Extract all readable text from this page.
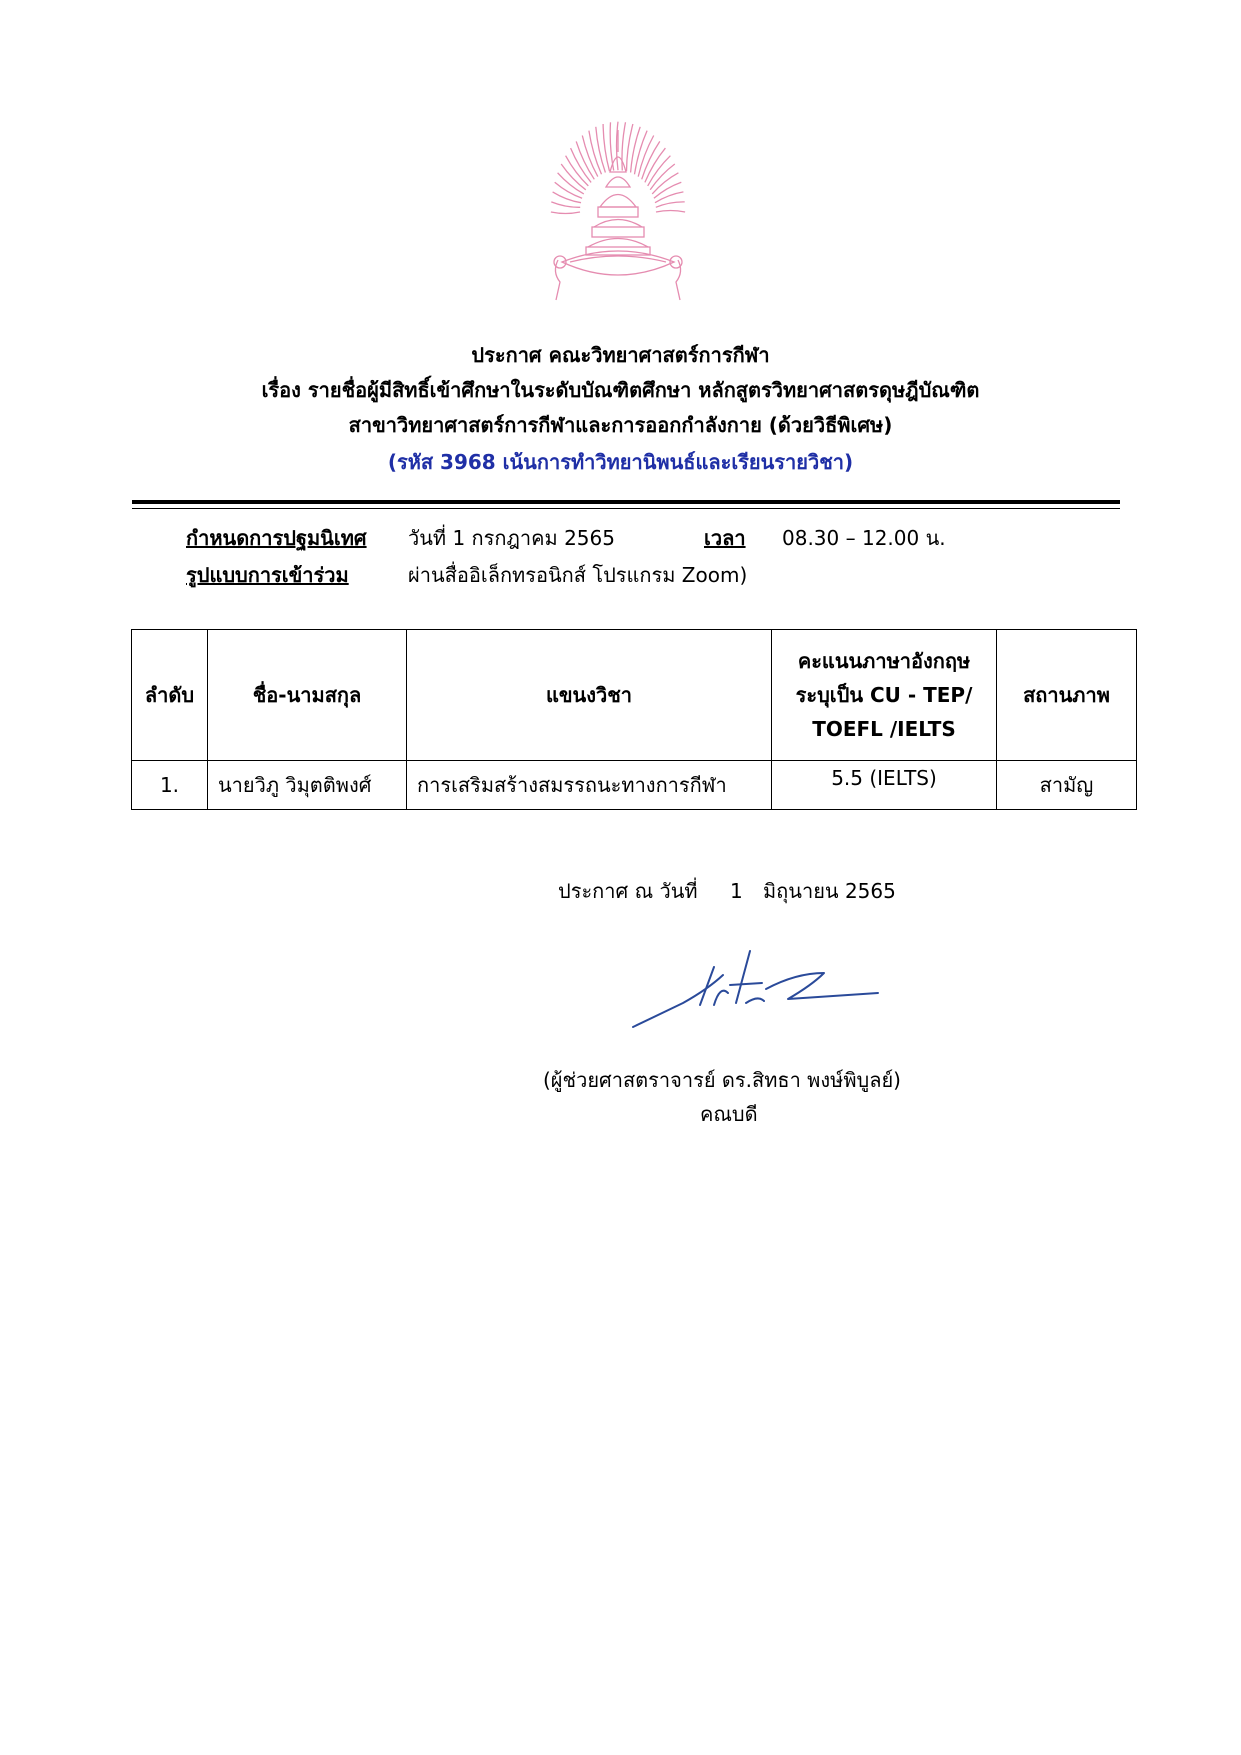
ประกาศ คณะวิทยาศาสตร์การกีฬา
เรื่อง รายชื่อผู้มีสิทธิ์เข้าศึกษาในระดับบัณฑิตศึกษา หลักสูตรวิทยาศาสตรดุษฎีบัณฑิต
สาขาวิทยาศาสตร์การกีฬาและการออกกำลังกาย (ด้วยวิธีพิเศษ)
(รหัส 3968 เน้นการทำวิทยานิพนธ์และเรียนรายวิชา)
กำหนดการปฐมนิเทศ วันที่ 1 กรกฎาคม 2565	เวลา 08.30 – 12.00 น.
รูปแบบการเข้าร่วม	ผ่านสื่ออิเล็กทรอนิกส์ โปรแกรม Zoom)
ลำดับ	ชื่อ-นามสกุล	แขนงวิชา	คะแนนภาษาอังกฤษ
ระบุเป็น CU - TEP/
TOEFL /IELTS	สถานภาพ
1.	นายวิภู วิมุตติพงศ์	การเสริมสร้างสมรรถนะทางการกีฬา	5.5 (IELTS)	สามัญ
ประกาศ ณ วันที่ 1 มิถุนายน 2565
(ผู้ช่วยศาสตราจารย์ ดร.สิทธา พงษ์พิบูลย์)
คณบดี
